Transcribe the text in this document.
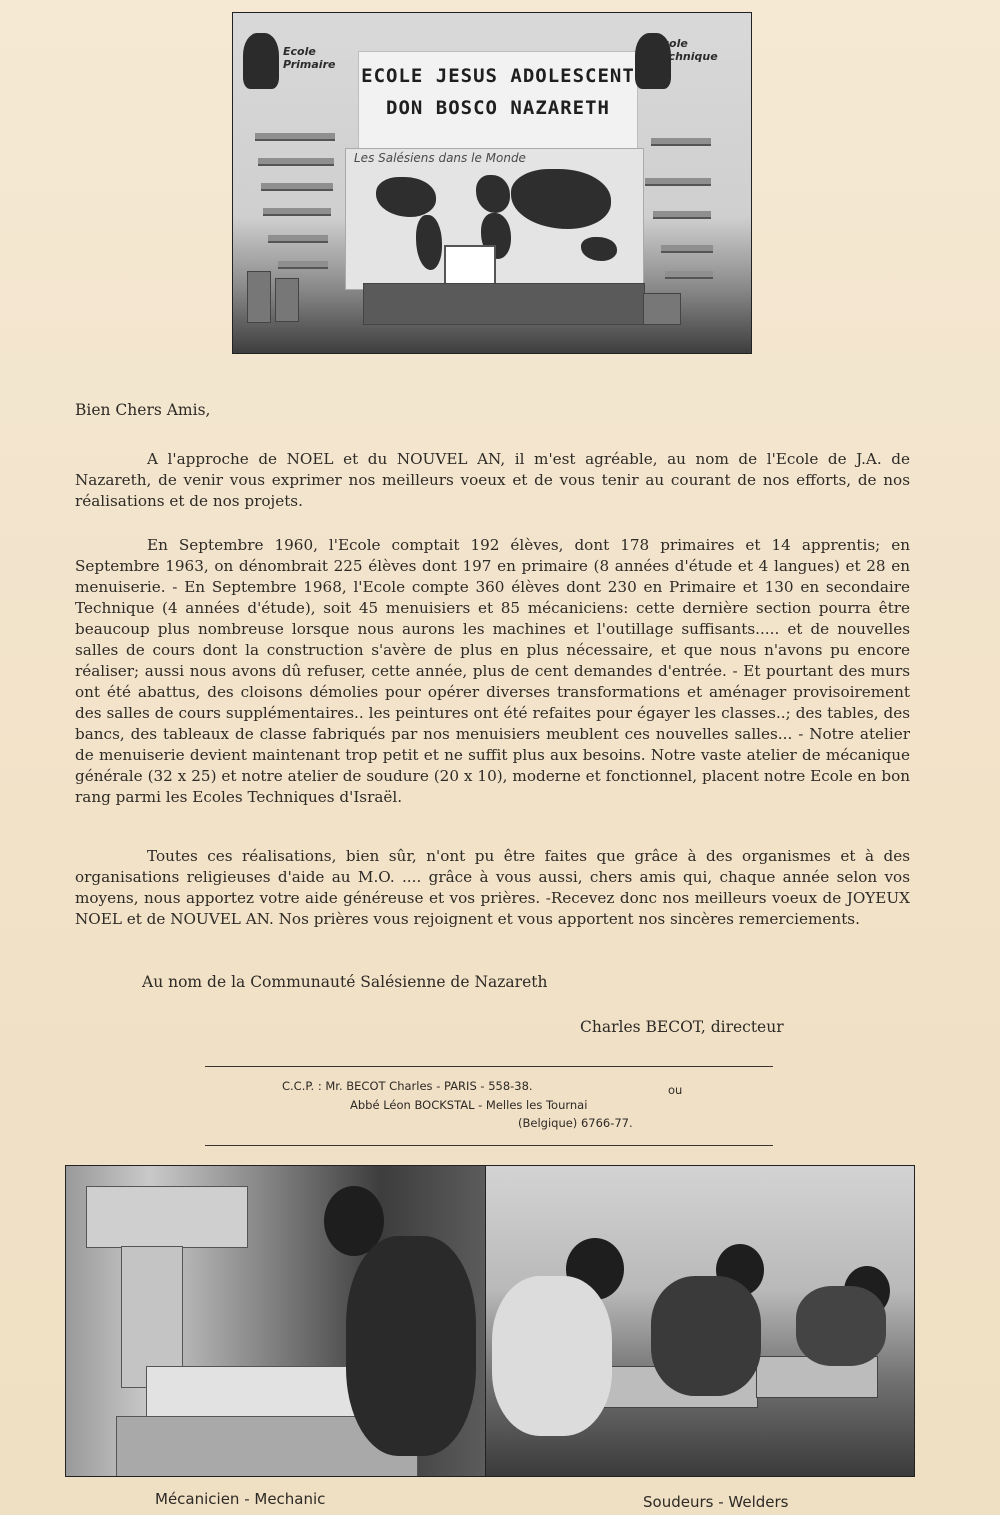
Ecole Primaire
ECOLE JESUS ADOLESCENT
DON BOSCO NAZARETH
Les Salésiens dans le Monde
Ecole Technique
Bien Chers Amis,

A l'approche de NOEL et du NOUVEL AN, il m'est agréable, au nom de l'Ecole de J.A. de Nazareth, de venir vous exprimer nos meilleurs voeux et de vous tenir au courant de nos efforts, de nos réalisations et de nos projets.

En Septembre 1960, l'Ecole comptait 192 élèves, dont 178 primaires et 14 apprentis; en Septembre 1963, on dénombrait 225 élèves dont 197 en primaire (8 années d'étude et 4 langues) et 28 en menuiserie. - En Septembre 1968, l'Ecole compte 360 élèves dont 230 en Primaire et 130 en secondaire Technique (4 années d'étude), soit 45 menuisiers et 85 mécaniciens: cette dernière section pourra être beaucoup plus nombreuse lorsque nous aurons les machines et l'outillage suffisants..... et de nouvelles salles de cours dont la construction s'avère de plus en plus nécessaire, et que nous n'avons pu encore réaliser; aussi nous avons dû refuser, cette année, plus de cent demandes d'entrée. - Et pourtant des murs ont été abattus, des cloisons démolies pour opérer diverses transformations et aménager provisoirement des salles de cours supplémentaires.. les peintures ont été refaites pour égayer les classes..; des tables, des bancs, des tableaux de classe fabriqués par nos menuisiers meublent ces nouvelles salles... - Notre atelier de menuiserie devient maintenant trop petit et ne suffit plus aux besoins. Notre vaste atelier de mécanique générale (32 x 25) et notre atelier de soudure (20 x 10), moderne et fonctionnel, placent notre Ecole en bon rang parmi les Ecoles Techniques d'Israël.

Toutes ces réalisations, bien sûr, n'ont pu être faites que grâce à des organismes et à des organisations religieuses d'aide au M.O. .... grâce à vous aussi, chers amis qui, chaque année selon vos moyens, nous apportez votre aide généreuse et vos prières. -Recevez donc nos meilleurs voeux de JOYEUX NOEL et de NOUVEL AN. Nos prières vous rejoignent et vous apportent nos sincères remerciements.

Au nom de la Communauté Salésienne de Nazareth
Charles BECOT, directeur
C.C.P. : Mr. BECOT Charles - PARIS - 558-38.	ou
Abbé Léon BOCKSTAL - Melles les Tournai
(Belgique) 6766-77.
Mécanicien - Mechanic	Soudeurs - Welders
